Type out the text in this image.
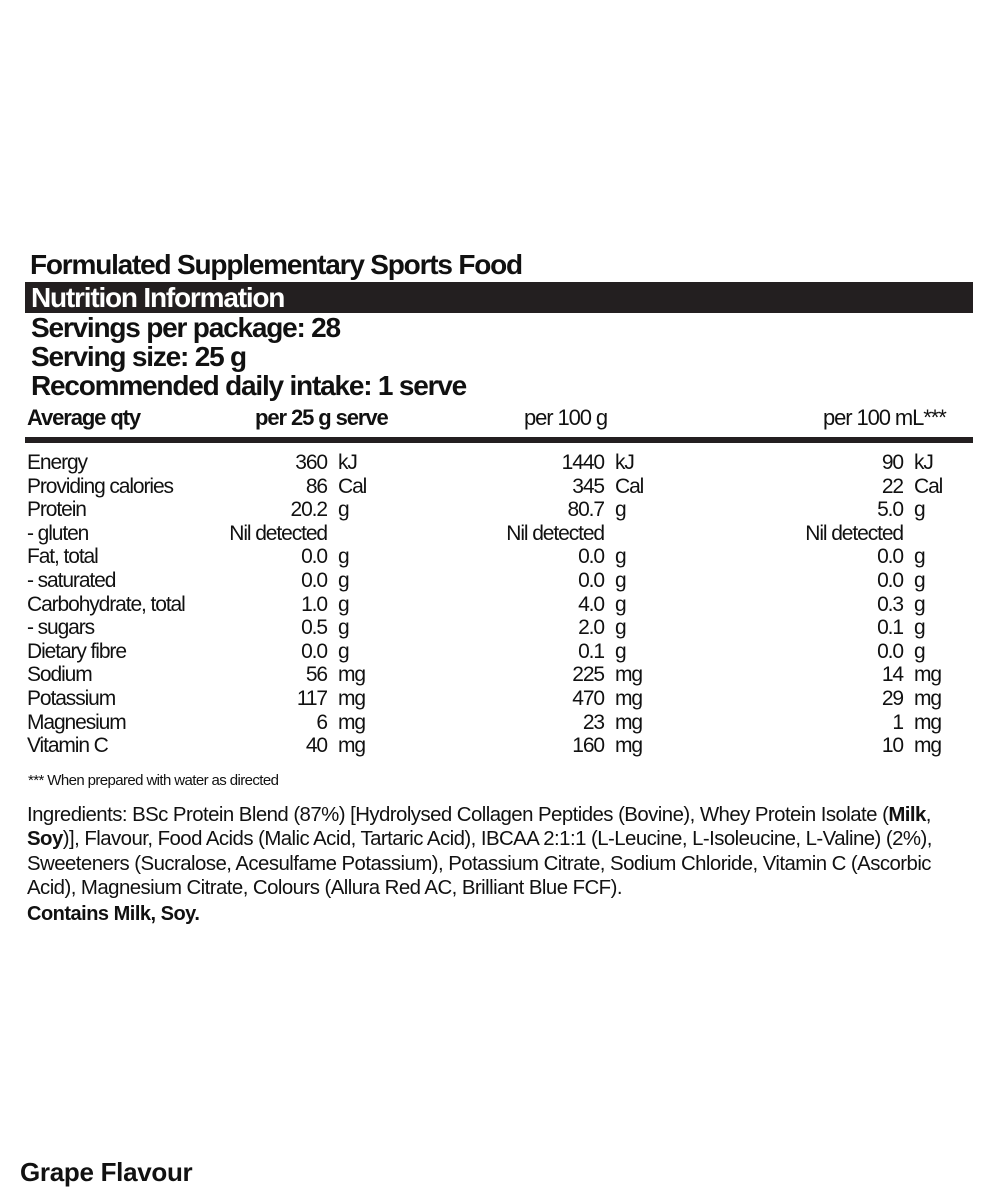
Formulated Supplementary Sports Food
Nutrition Information
Servings per package: 28
Serving size: 25 g
Recommended daily intake: 1 serve
Average qty	per 25 g serve	per 100 g	per 100 mL***
Energy	360 kJ	1440 kJ	90 kJ
Providing calories	86 Cal	345 Cal	22 Cal
Protein	20.2 g	80.7 g	5.0 g
- gluten	Nil detected	Nil detected	Nil detected
Fat, total	0.0 g	0.0 g	0.0 g
- saturated	0.0 g	0.0 g	0.0 g
Carbohydrate, total	1.0 g	4.0 g	0.3 g
- sugars	0.5 g	2.0 g	0.1 g
Dietary fibre	0.0 g	0.1 g	0.0 g
Sodium	56 mg	225 mg	14 mg
Potassium	117 mg	470 mg	29 mg
Magnesium	6 mg	23 mg	1 mg
Vitamin C	40 mg	160 mg	10 mg
*** When prepared with water as directed

Ingredients: BSc Protein Blend (87%) [Hydrolysed Collagen Peptides (Bovine), Whey Protein Isolate (Milk, Soy)], Flavour, Food Acids (Malic Acid, Tartaric Acid), IBCAA 2:1:1 (L-Leucine, L-Isoleucine, L-Valine) (2%), Sweeteners (Sucralose, Acesulfame Potassium), Potassium Citrate, Sodium Chloride, Vitamin C (Ascorbic Acid), Magnesium Citrate, Colours (Allura Red AC, Brilliant Blue FCF).

Contains Milk, Soy.
Grape Flavour
